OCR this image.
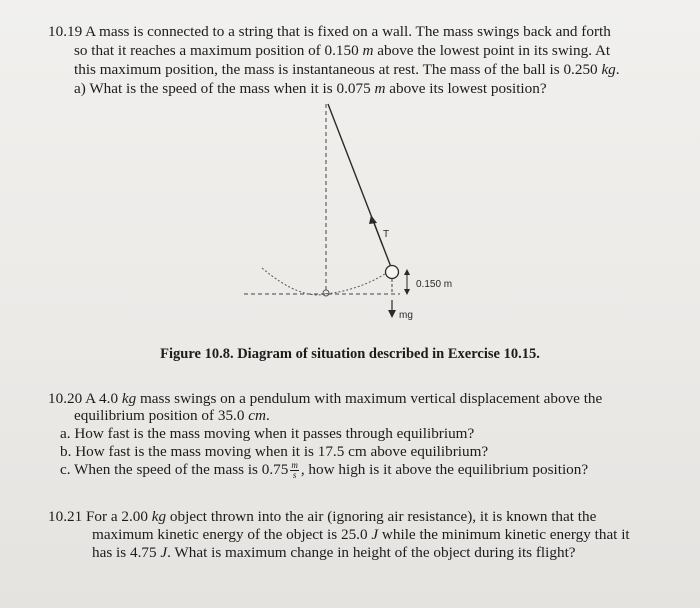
10.19 A mass is connected to a string that is fixed on a wall. The mass swings back and forth
so that it reaches a maximum position of 0.150 m above the lowest point in its swing. At
this maximum position, the mass is instantaneous at rest. The mass of the ball is 0.250 kg.
a) What is the speed of the mass when it is 0.075 m above its lowest position?
T
0.150 m
mg
Figure 10.8. Diagram of situation described in Exercise 10.15.
10.20 A 4.0 kg mass swings on a pendulum with maximum vertical displacement above the
equilibrium position of 35.0 cm.
a. How fast is the mass moving when it passes through equilibrium?
b. How fast is the mass moving when it is 17.5 cm above equilibrium?
c. When the speed of the mass is $0.75 \frac{m}{s}$ , how high is it above the equilibrium position?
10.21 For a 2.00 kg object thrown into the air (ignoring air resistance), it is known that the
maximum kinetic energy of the object is 25.0 J while the minimum kinetic energy that it
has is 4.75 J. What is maximum change in height of the object during its flight?
